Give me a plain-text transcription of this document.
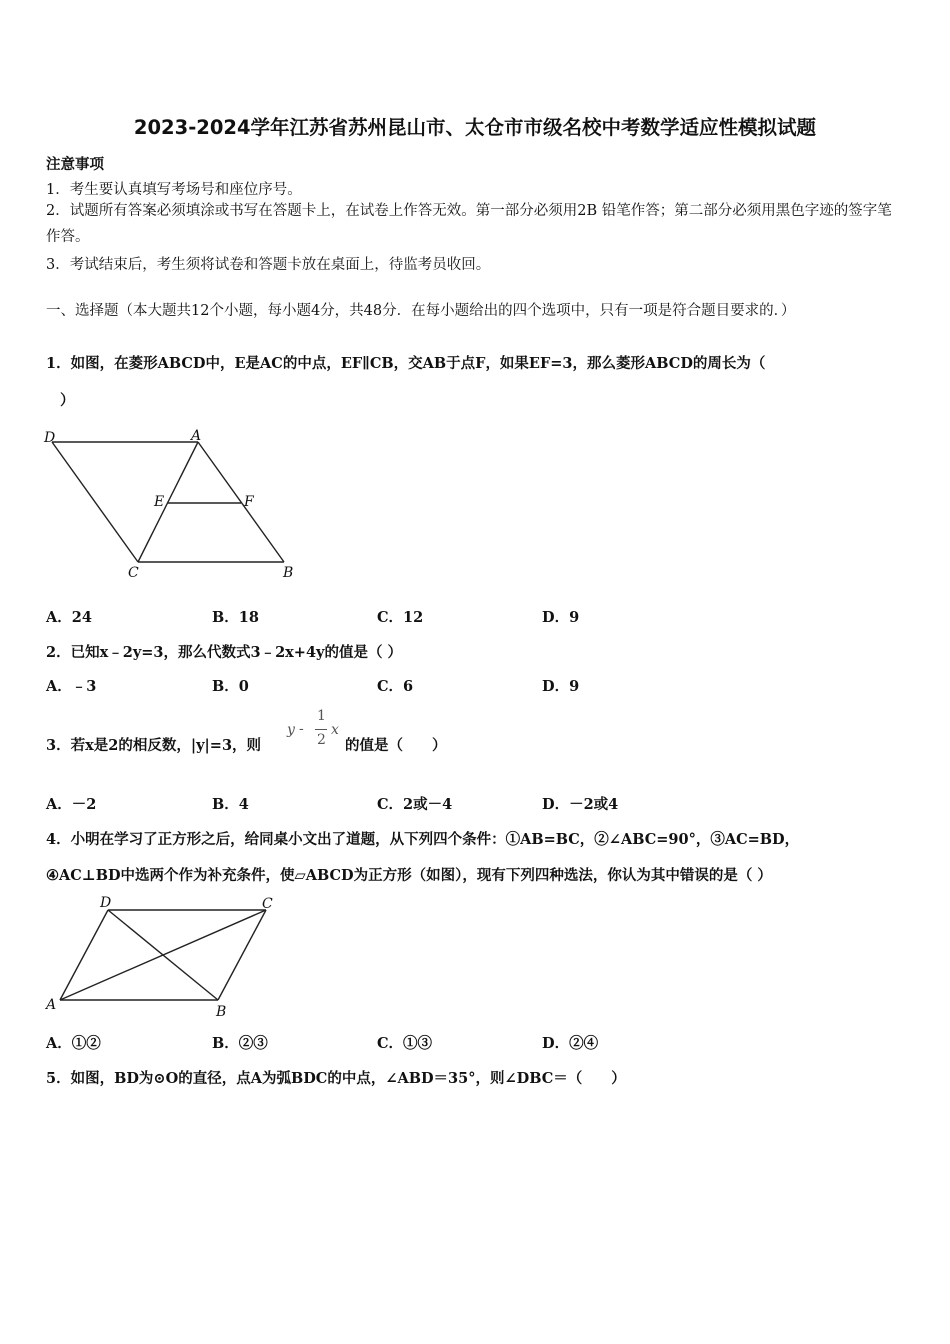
2023-2024学年江苏省苏州昆山市、太仓市市级名校中考数学适应性模拟试题
注意事项
1．考生要认真填写考场号和座位序号。
2．试题所有答案必须填涂或书写在答题卡上，在试卷上作答无效。第一部分必须用2B 铅笔作答；第二部分必须用黑色字迹的签字笔作答。
3．考试结束后，考生须将试卷和答题卡放在桌面上，待监考员收回。
一、选择题（本大题共12个小题，每小题4分，共48分．在每小题给出的四个选项中，只有一项是符合题目要求的．）
1．如图，在菱形ABCD中，E是AC的中点，EF∥CB，交AB于点F，如果EF=3，那么菱形ABCD的周长为（
）
D	A
E	F
C	B
A．24	B．18	C．12	D．9
2．已知x﹣2y=3，那么代数式3﹣2x+4y的值是（ ）
A．﹣3	B．0	C．6	D．9
3．若x是2的相反数，|y|=3，则
y -
1
2
x
的值是（　　）
A．－2	B．4	C．2或－4	D．－2或4
4．小明在学习了正方形之后，给同桌小文出了道题，从下列四个条件：①AB=BC，②∠ABC=90°，③AC=BD，
④AC⊥BD中选两个作为补充条件，使▱ABCD为正方形（如图），现有下列四种选法，你认为其中错误的是（ ）
D	C
A	B
A．①②	B．②③	C．①③	D．②④
5．如图，BD为⊙O的直径，点A为弧BDC的中点，∠ABD＝35°，则∠DBC＝（　　）
